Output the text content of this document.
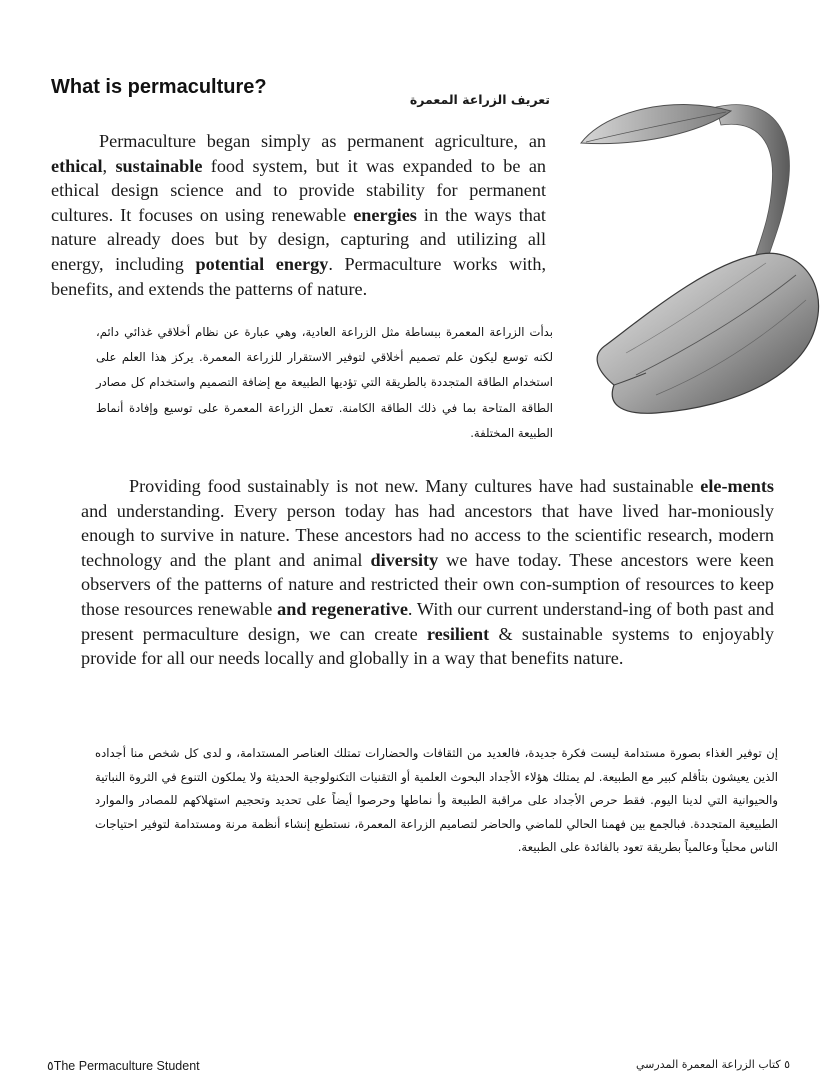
What is permaculture?
تعريف الزراعة المعمرة

Permaculture began simply as permanent agriculture, an ethical, sustainable food system, but it was expanded to be an ethical design science and to provide stability for permanent cultures. It focuses on using renewable energies in the ways that nature already does but by design, capturing and utilizing all energy, including potential energy. Permaculture works with, benefits, and extends the patterns of nature.

بدأت الزراعة المعمرة ببساطة مثل الزراعة العادية، وهي عبارة عن نظام أخلاقي غذائي دائم، لكنه توسع ليكون علم تصميم أخلاقي لتوفير الاستقرار للزراعة المعمرة. يركز هذا العلم على استخدام الطاقة المتجددة بالطريقة التي تؤديها الطبيعة مع إضافة التصميم واستخدام كل مصادر الطاقة المتاحة بما في ذلك الطاقة الكامنة. تعمل الزراعة المعمرة على توسيع وإفادة أنماط الطبيعة المختلفة.

Providing food sustainably is not new. Many cultures have had sustainable ele-ments and understanding. Every person today has had ancestors that have lived har-moniously enough to survive in nature. These ancestors had no access to the scientific research, modern technology and the plant and animal diversity we have today. These ancestors were keen observers of the patterns of nature and restricted their own con-sumption of resources to keep those resources renewable and regenerative. With our current understand-ing of both past and present permaculture design, we can create resilient & sustainable systems to enjoyably provide for all our needs locally and globally in a way that benefits nature.

إن توفير الغذاء بصورة مستدامة ليست فكرة جديدة، فالعديد من الثقافات والحضارات تمتلك العناصر المستدامة، و لدى كل شخص منا أجداده الذين يعيشون بتأقلم كبير مع الطبيعة. لم يمتلك هؤلاء الأجداد البحوث العلمية أو التقنيات التكنولوجية الحديثة ولا يملكون التنوع في الثروة النباتية والحيوانية التي لدينا اليوم. فقط حرص الأجداد على مراقبة الطبيعة وأ نماطها وحرصوا أيضاً على تحديد وتحجيم استهلاكهم للمصادر والموارد الطبيعية المتجددة. فبالجمع بين فهمنا الحالي للماضي والحاضر لتصاميم الزراعة المعمرة، نستطيع إنشاء أنظمة مرنة ومستدامة لتوفير احتياجات الناس محلياً وعالمياً بطريقة تعود بالفائدة على الطبيعة.

٥The Permaculture Student	٥ كتاب الزراعة المعمرة المدرسي
